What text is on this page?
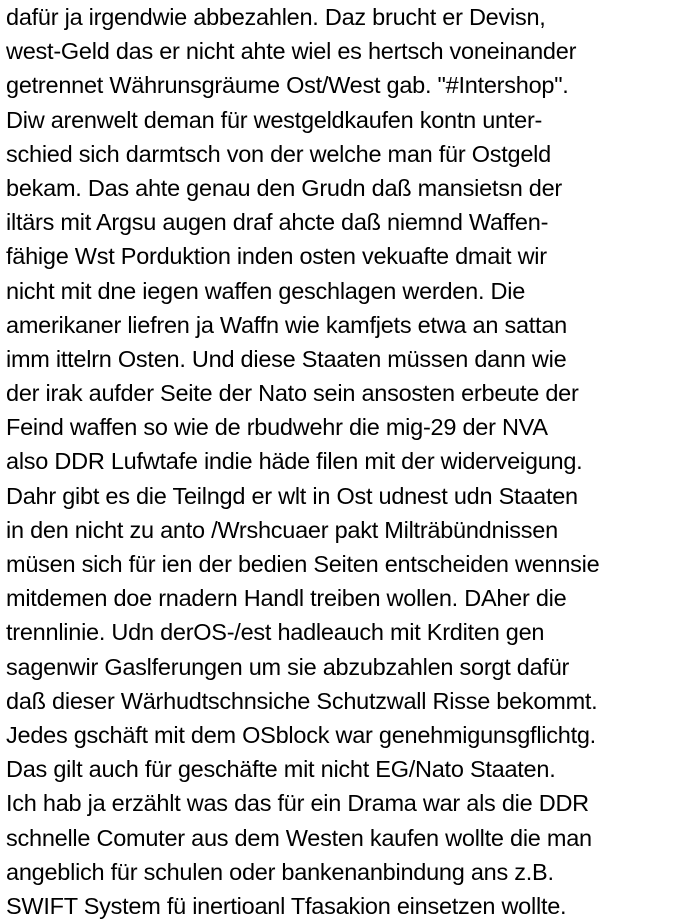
dafür ja irgendwie abbezahlen. Daz brucht er Devisn,
west-Geld das er nicht ahte wiel es hertsch voneinander
getrennet Währunsgräume Ost/West gab. "#Intershop".
Diw arenwelt deman für westgeldkaufen kontn unter-
schied sich darmtsch von der welche man für Ostgeld
bekam. Das ahte genau den Grudn daß mansietsn der
iltärs mit Argsu augen draf ahcte daß niemnd Waffen-
fähige Wst Porduktion inden osten vekuafte dmait wir
nicht mit dne iegen waffen geschlagen werden. Die
amerikaner liefren ja Waffn wie kamfjets etwa an sattan
imm ittelrn Osten. Und diese Staaten müssen dann wie
der irak aufder Seite der Nato sein ansosten erbeute der
Feind waffen so wie de rbudwehr die mig-29 der NVA
also DDR Lufwtafe indie häde filen mit der widerveigung.
Dahr gibt es die Teilngd er wlt in Ost udnest udn Staaten
in den nicht zu anto /Wrshcuaer pakt Milträbündnissen
müsen sich für ien der bedien Seiten entscheiden wennsie
mitdemen doe rnadern Handl treiben wollen. DAher die
trennlinie. Udn derOS-/est hadleauch mit Krditen gen
sagenwir Gaslferungen um sie abzubzahlen sorgt dafür
daß dieser Wärhudtschnsiche Schutzwall Risse bekommt.
Jedes gschäft mit dem OSblock war genehmigunsgflichtg.
Das gilt auch für geschäfte mit nicht EG/Nato Staaten.
Ich hab ja erzählt was das für ein Drama war als die DDR
schnelle Comuter aus dem Westen kaufen wollte die man
angeblich für schulen oder bankenanbindung ans z.B.
SWIFT System fü inertioanl Tfasakion einsetzen wollte.
